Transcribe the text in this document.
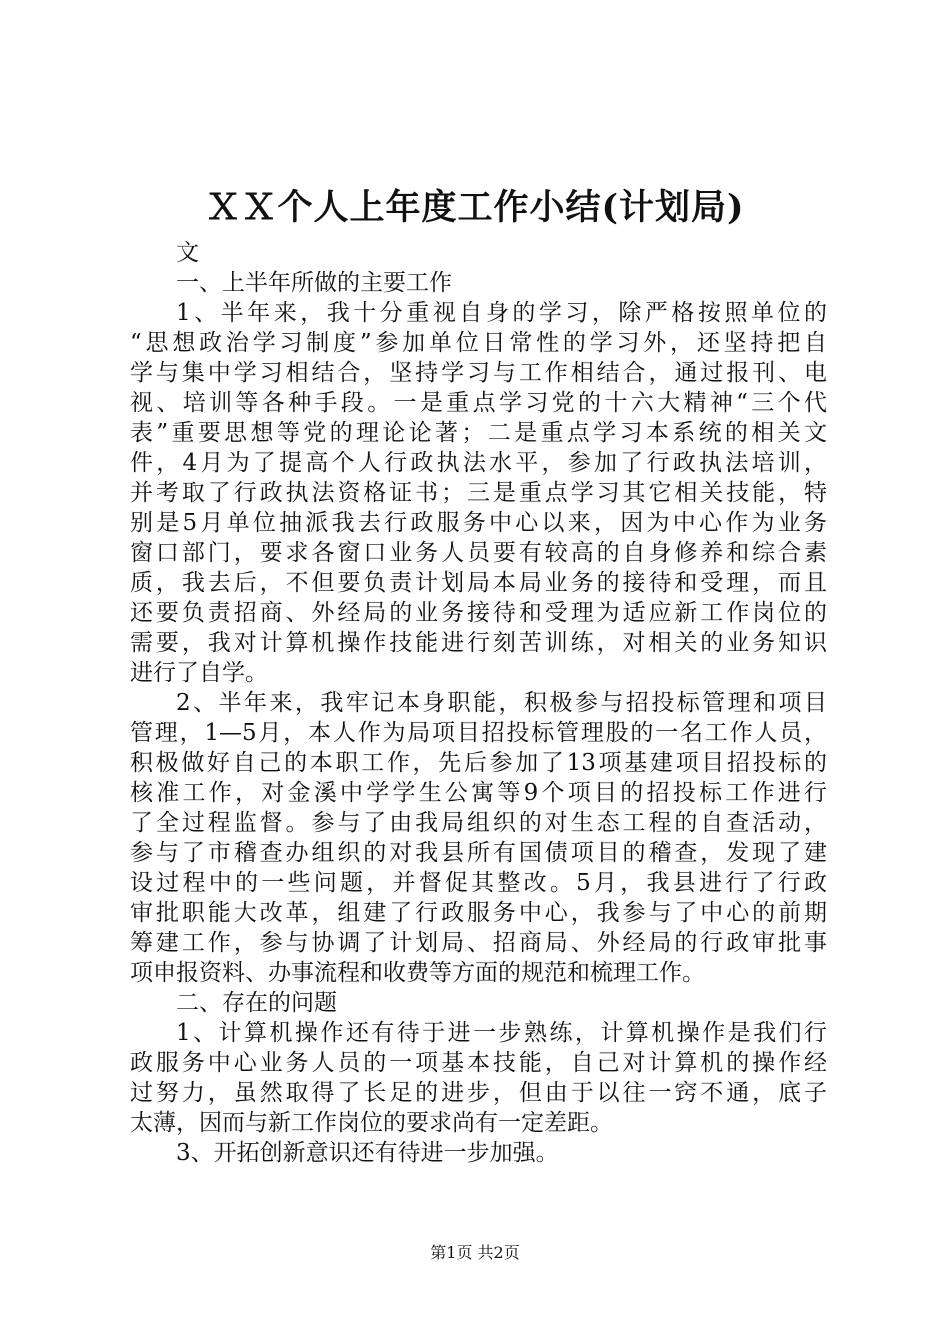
ＸＸ个人上年度工作小结(计划局)
文
一、上半年所做的主要工作
1、半年来，我十分重视自身的学习，除严格按照单位的
“思想政治学习制度”参加单位日常性的学习外，还坚持把自
学与集中学习相结合，坚持学习与工作相结合，通过报刊、电
视、培训等各种手段。一是重点学习党的十六大精神“三个代
表”重要思想等党的理论论著；二是重点学习本系统的相关文
件，4月为了提高个人行政执法水平，参加了行政执法培训，
并考取了行政执法资格证书；三是重点学习其它相关技能，特
别是5月单位抽派我去行政服务中心以来，因为中心作为业务
窗口部门，要求各窗口业务人员要有较高的自身修养和综合素
质，我去后，不但要负责计划局本局业务的接待和受理，而且
还要负责招商、外经局的业务接待和受理为适应新工作岗位的
需要，我对计算机操作技能进行刻苦训练，对相关的业务知识
进行了自学。
2、半年来，我牢记本身职能，积极参与招投标管理和项目
管理，1—5月，本人作为局项目招投标管理股的一名工作人员，
积极做好自己的本职工作，先后参加了13项基建项目招投标的
核准工作，对金溪中学学生公寓等9个项目的招投标工作进行
了全过程监督。参与了由我局组织的对生态工程的自查活动，
参与了市稽查办组织的对我县所有国债项目的稽查，发现了建
设过程中的一些问题，并督促其整改。5月，我县进行了行政
审批职能大改革，组建了行政服务中心，我参与了中心的前期
筹建工作，参与协调了计划局、招商局、外经局的行政审批事
项申报资料、办事流程和收费等方面的规范和梳理工作。
二、存在的问题
1、计算机操作还有待于进一步熟练，计算机操作是我们行
政服务中心业务人员的一项基本技能，自己对计算机的操作经
过努力，虽然取得了长足的进步，但由于以往一窍不通，底子
太薄，因而与新工作岗位的要求尚有一定差距。
3、开拓创新意识还有待进一步加强。
第1页 共2页
